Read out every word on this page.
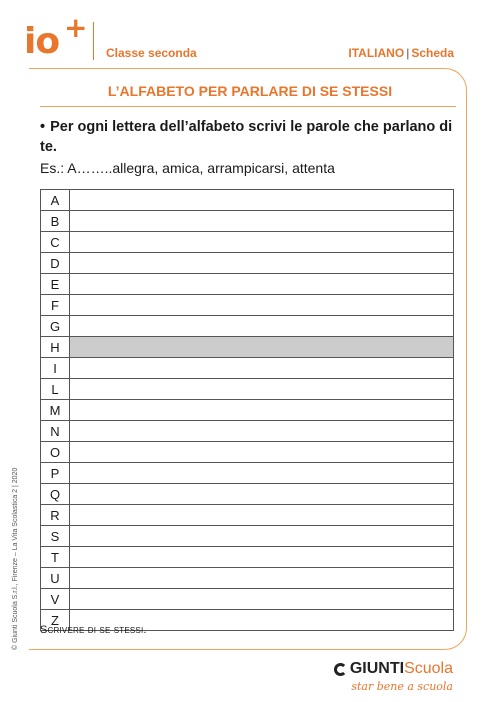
io +
Classe seconda	ITALIANO | Scheda
L’ALFABETO PER PARLARE DI SE STESSI
• Per ogni lettera dell’alfabeto scrivi le parole che parlano di te.
Es.: A……..allegra, amica, arrampicarsi, attenta
A	
B	
C	
D	
E	
F	
G	
H	
I	
L	
M	
N	
O	
P	
Q	
R	
S	
T	
U	
V	
Z	
Scrivere di se stessi.
© Giunti Scuola S.r.l., Firenze – La Vita Scolastica 2 | 2020
GIUNTI Scuola
star bene a scuola
